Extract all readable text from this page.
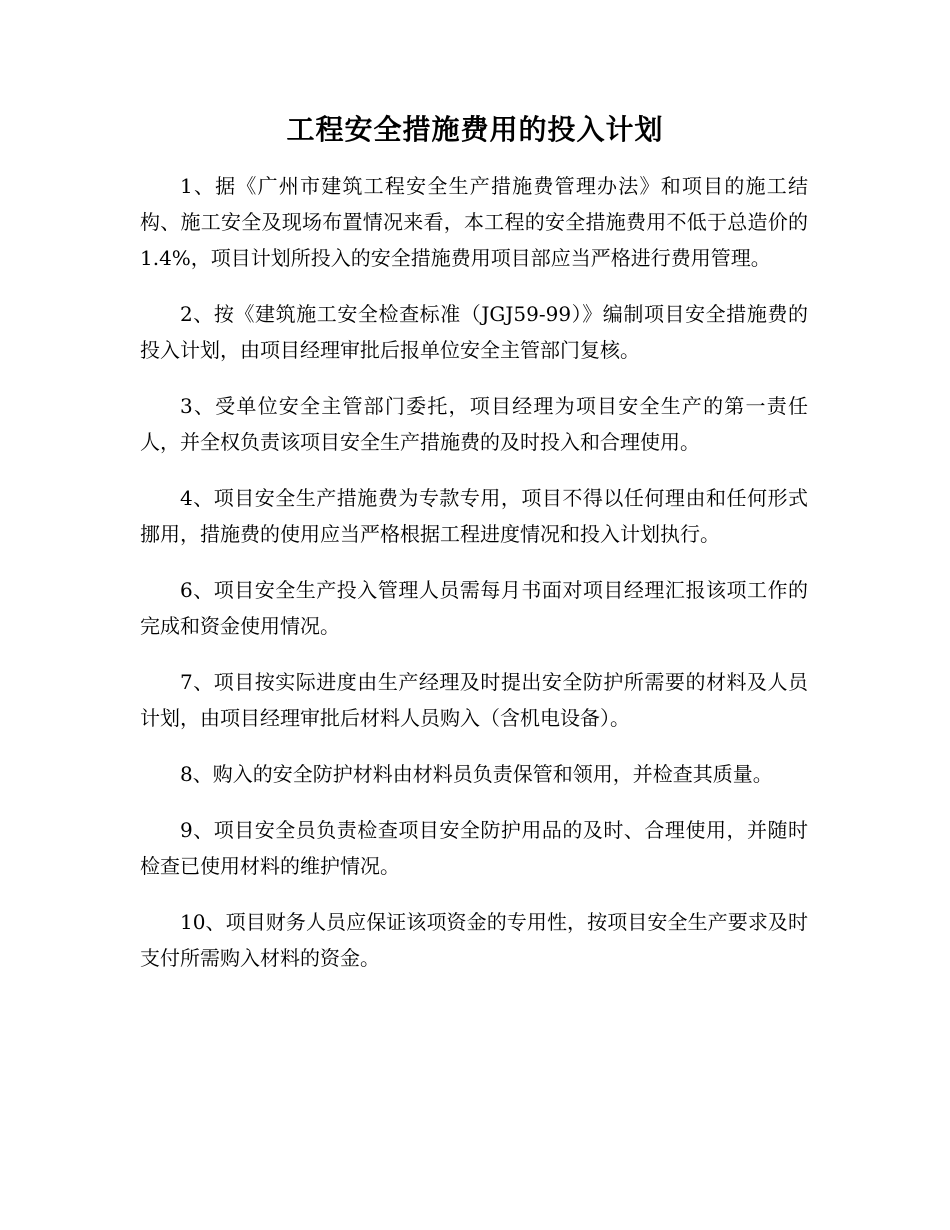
工程安全措施费用的投入计划

1、据《广州市建筑工程安全生产措施费管理办法》和项目的施工结构、施工安全及现场布置情况来看，本工程的安全措施费用不低于总造价的1.4%，项目计划所投入的安全措施费用项目部应当严格进行费用管理。

2、按《建筑施工安全检查标准（JGJ59-99）》编制项目安全措施费的投入计划，由项目经理审批后报单位安全主管部门复核。

3、受单位安全主管部门委托，项目经理为项目安全生产的第一责任人，并全权负责该项目安全生产措施费的及时投入和合理使用。

4、项目安全生产措施费为专款专用，项目不得以任何理由和任何形式挪用，措施费的使用应当严格根据工程进度情况和投入计划执行。

6、项目安全生产投入管理人员需每月书面对项目经理汇报该项工作的完成和资金使用情况。

7、项目按实际进度由生产经理及时提出安全防护所需要的材料及人员计划，由项目经理审批后材料人员购入（含机电设备）。

8、购入的安全防护材料由材料员负责保管和领用，并检查其质量。

9、项目安全员负责检查项目安全防护用品的及时、合理使用，并随时检查已使用材料的维护情况。

10、项目财务人员应保证该项资金的专用性，按项目安全生产要求及时支付所需购入材料的资金。
